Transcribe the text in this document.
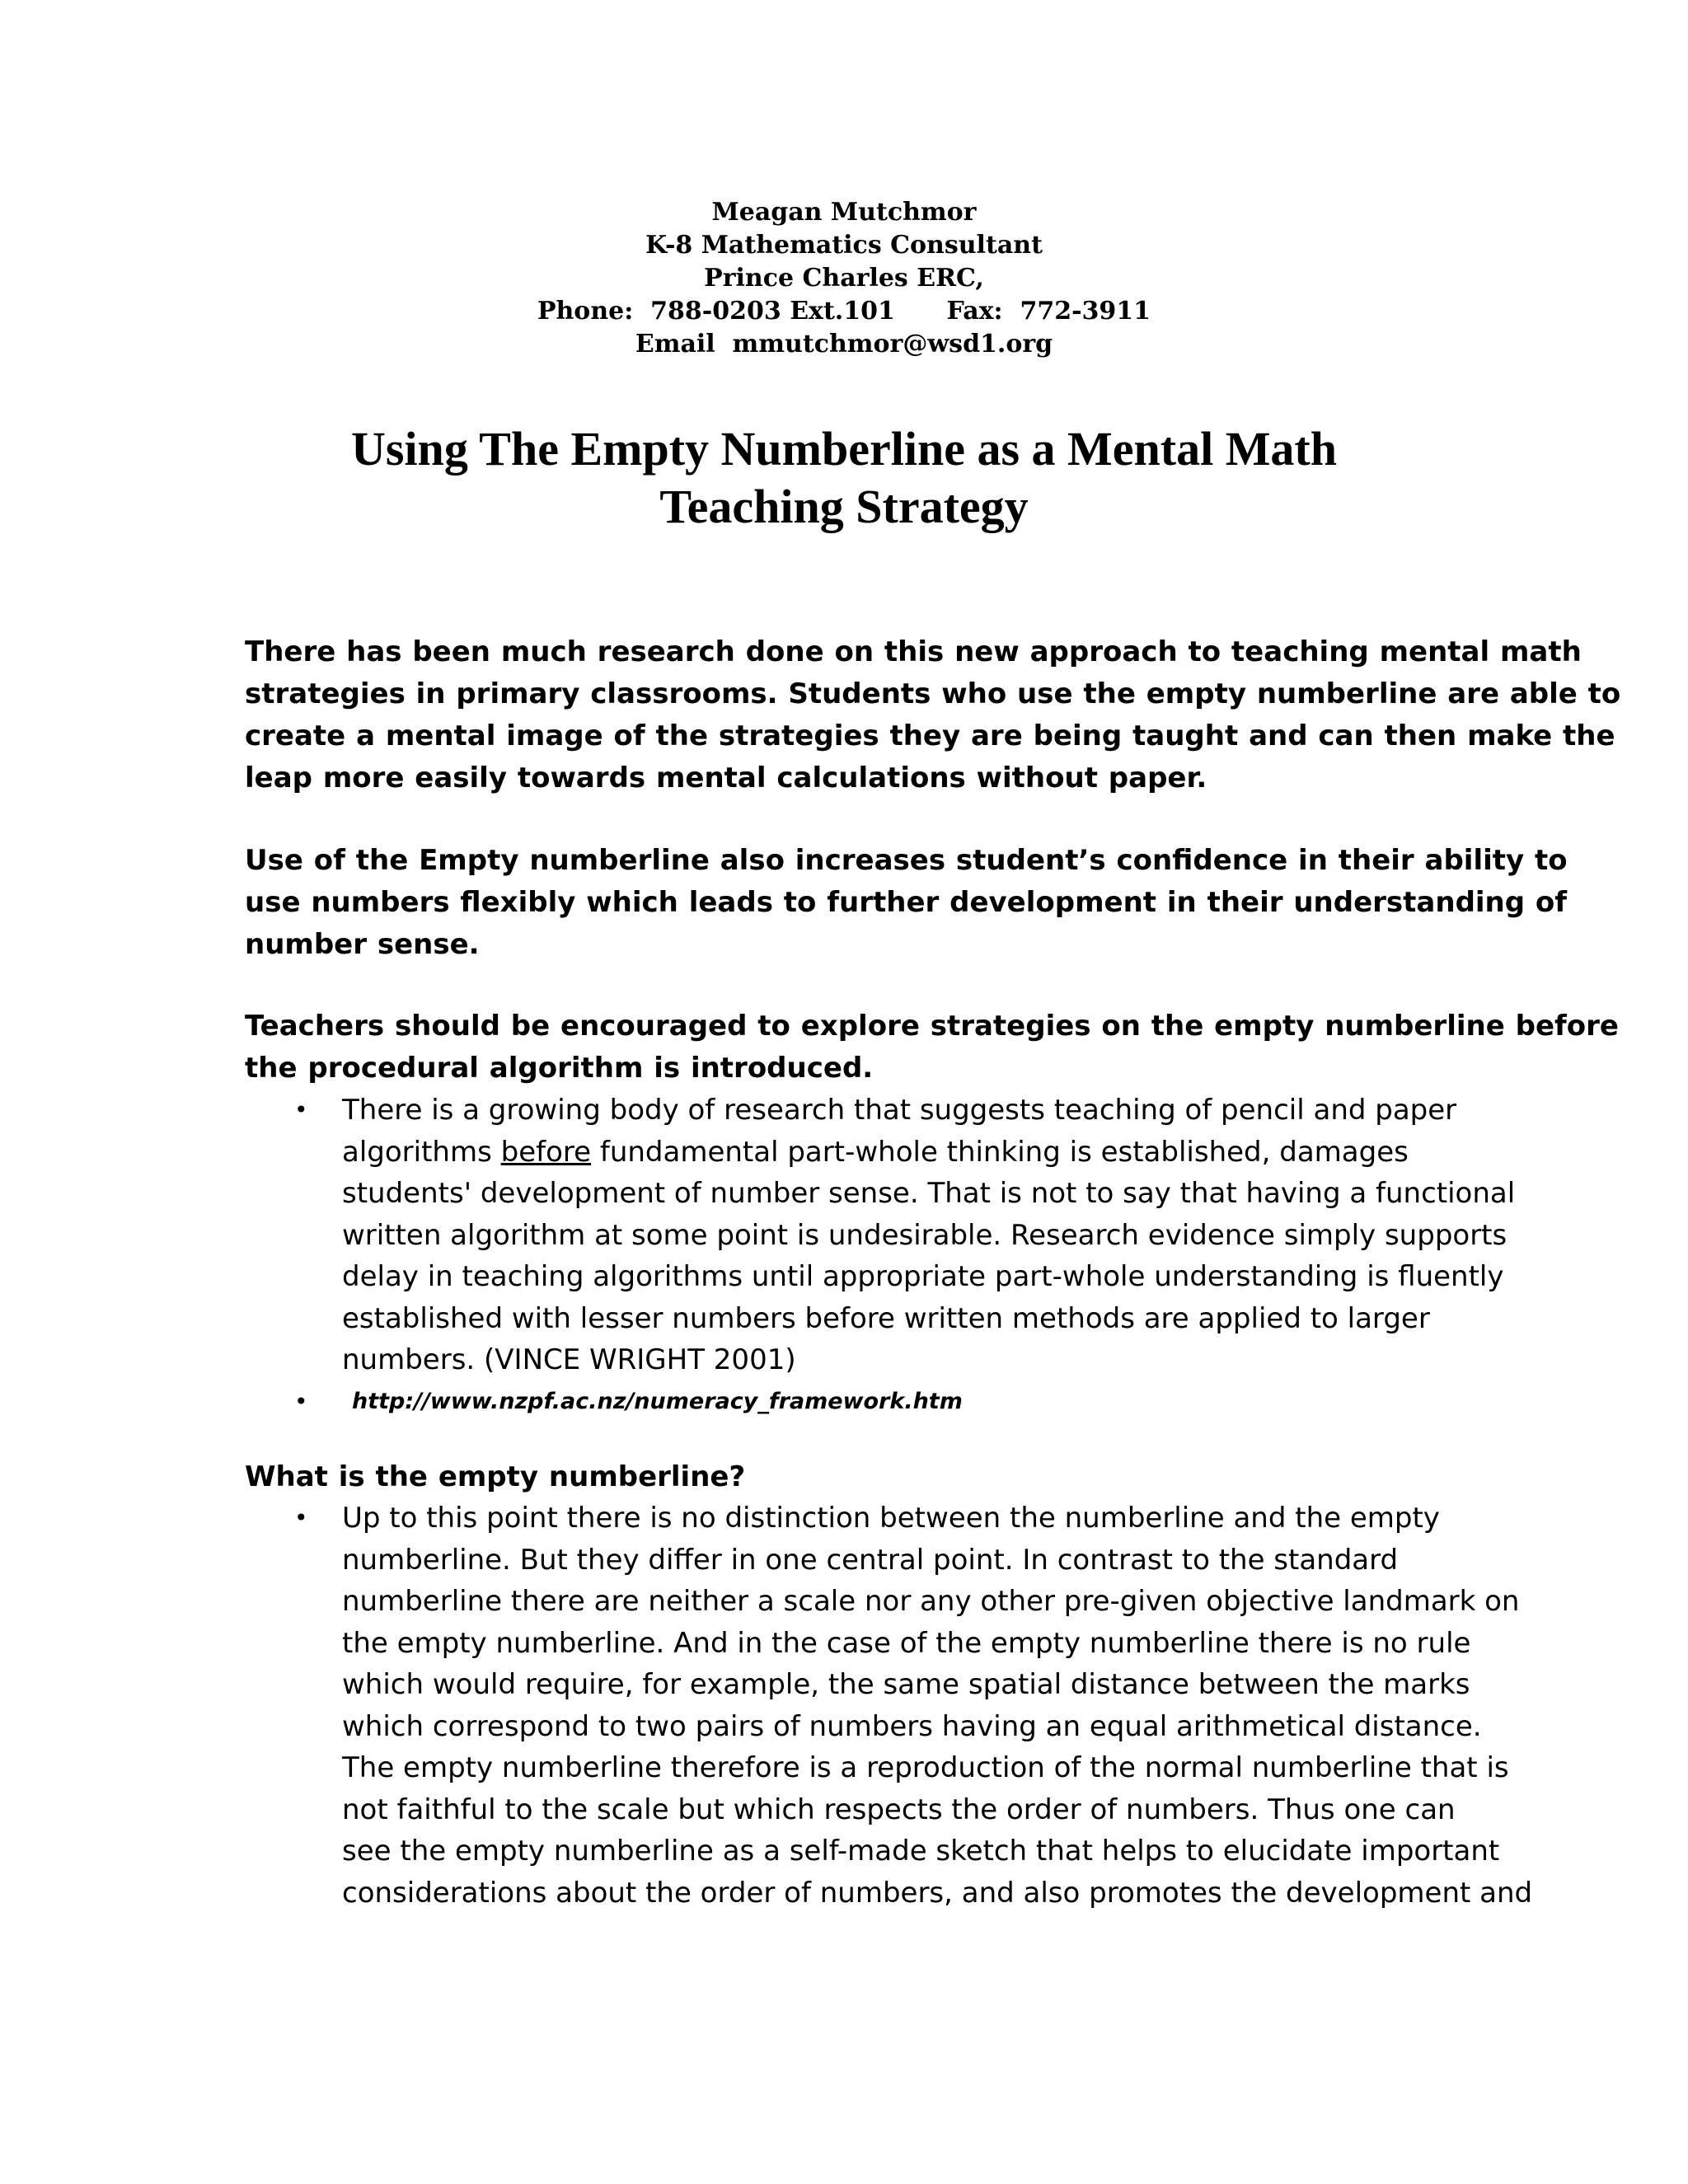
Meagan Mutchmor
K-8 Mathematics Consultant
Prince Charles ERC,
Phone:  788-0203 Ext.101      Fax:  772-3911
Email  mmutchmor@wsd1.org
Using The Empty Numberline as a Mental Math
Teaching Strategy
There has been much research done on this new approach to teaching mental math
strategies in primary classrooms. Students who use the empty numberline are able to
create a mental image of the strategies they are being taught and can then make the
leap more easily towards mental calculations without paper.
Use of the Empty numberline also increases student’s confidence in their ability to
use numbers flexibly which leads to further development in their understanding of
number sense.
Teachers should be encouraged to explore strategies on the empty numberline before
the procedural algorithm is introduced.
• There is a growing body of research that suggests teaching of pencil and paper
algorithms before fundamental part-whole thinking is established, damages
students' development of number sense. That is not to say that having a functional
written algorithm at some point is undesirable. Research evidence simply supports
delay in teaching algorithms until appropriate part-whole understanding is fluently
established with lesser numbers before written methods are applied to larger
numbers. (VINCE WRIGHT 2001)
•	http://www.nzpf.ac.nz/numeracy_framework.htm
What is the empty numberline?
• Up to this point there is no distinction between the numberline and the empty
numberline. But they differ in one central point. In contrast to the standard
numberline there are neither a scale nor any other pre-given objective landmark on
the empty numberline. And in the case of the empty numberline there is no rule
which would require, for example, the same spatial distance between the marks
which correspond to two pairs of numbers having an equal arithmetical distance.
The empty numberline therefore is a reproduction of the normal numberline that is
not faithful to the scale but which respects the order of numbers. Thus one can
see the empty numberline as a self-made sketch that helps to elucidate important
considerations about the order of numbers, and also promotes the development and
